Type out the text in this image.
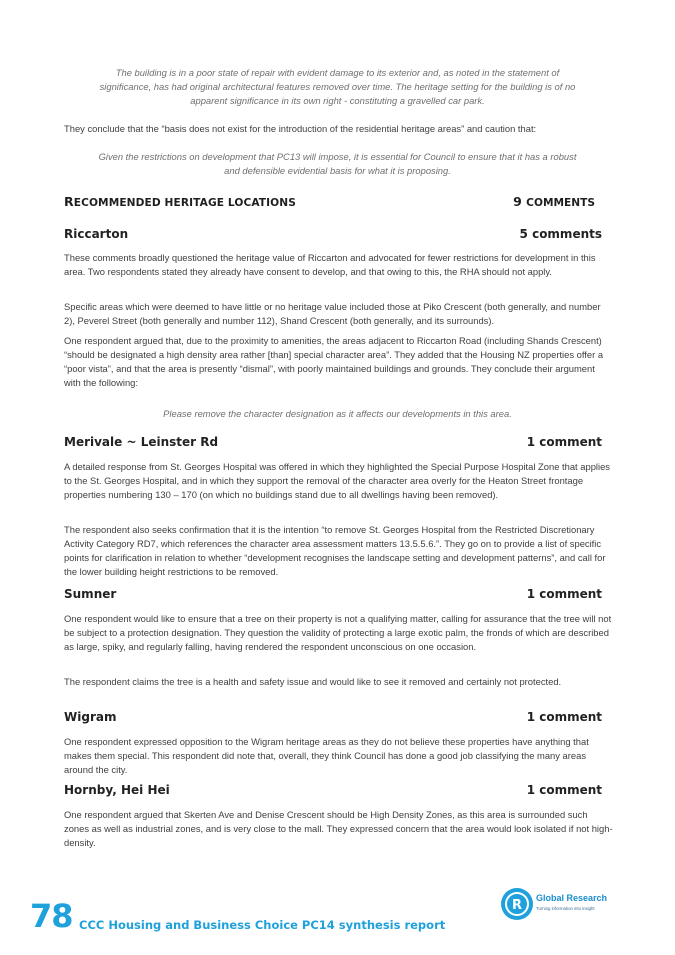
The building is in a poor state of repair with evident damage to its exterior and, as noted in the statement of significance, has had original architectural features removed over time. The heritage setting for the building is of no apparent significance in its own right - constituting a gravelled car park.
They conclude that the “basis does not exist for the introduction of the residential heritage areas” and caution that:
Given the restrictions on development that PC13 will impose, it is essential for Council to ensure that it has a robust and defensible evidential basis for what it is proposing.
RECOMMENDED HERITAGE LOCATIONS	9 COMMENTS
Riccarton	5 comments
These comments broadly questioned the heritage value of Riccarton and advocated for fewer restrictions for development in this area. Two respondents stated they already have consent to develop, and that owing to this, the RHA should not apply.
Specific areas which were deemed to have little or no heritage value included those at Piko Crescent (both generally, and number 2), Peverel Street (both generally and number 112), Shand Crescent (both generally, and its surrounds).
One respondent argued that, due to the proximity to amenities, the areas adjacent to Riccarton Road (including Shands Crescent) “should be designated a high density area rather [than] special character area”. They added that the Housing NZ properties offer a “poor vista”, and that the area is presently “dismal”, with poorly maintained buildings and grounds. They conclude their argument with the following:
Please remove the character designation as it affects our developments in this area.
Merivale ~ Leinster Rd	1 comment
A detailed response from St. Georges Hospital was offered in which they highlighted the Special Purpose Hospital Zone that applies to the St. Georges Hospital, and in which they support the removal of the character area overly for the Heaton Street frontage properties numbering 130 – 170 (on which no buildings stand due to all dwellings having been removed).
The respondent also seeks confirmation that it is the intention “to remove St. Georges Hospital from the Restricted Discretionary Activity Category RD7, which references the character area assessment matters 13.5.5.6.”. They go on to provide a list of specific points for clarification in relation to whether “development recognises the landscape setting and development patterns”, and call for the lower building height restrictions to be removed.
Sumner	1 comment
One respondent would like to ensure that a tree on their property is not a qualifying matter, calling for assurance that the tree will not be subject to a protection designation. They question the validity of protecting a large exotic palm, the fronds of which are described as large, spiky, and regularly falling, having rendered the respondent unconscious on one occasion.
The respondent claims the tree is a health and safety issue and would like to see it removed and certainly not protected.
Wigram	1 comment
One respondent expressed opposition to the Wigram heritage areas as they do not believe these properties have anything that makes them special. This respondent did note that, overall, they think Council has done a good job classifying the many areas around the city.
Hornby, Hei Hei	1 comment
One respondent argued that Skerten Ave and Denise Crescent should be High Density Zones, as this area is surrounded such zones as well as industrial zones, and is very close to the mall. They expressed concern that the area would look isolated if not high-density.
78 CCC Housing and Business Choice PC14 synthesis report
R Global Research
Turning information into insight
